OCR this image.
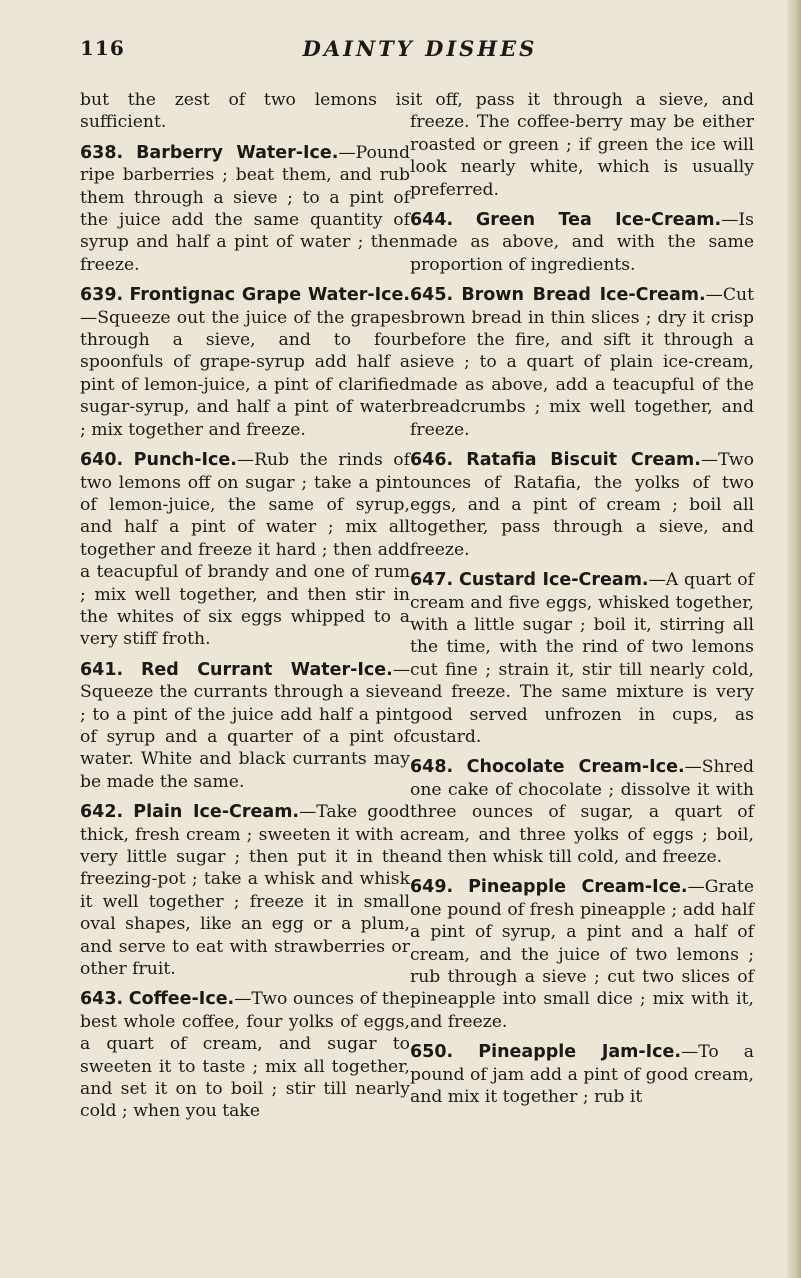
116	DAINTY DISHES

but the zest of two lemons is sufficient.

638. Barberry Water-Ice.—Pound ripe barberries ; beat them, and rub them through a sieve ; to a pint of the juice add the same quantity of syrup and half a pint of water ; then freeze.

639. Frontignac Grape Water-Ice.—Squeeze out the juice of the grapes through a sieve, and to four spoonfuls of grape-syrup add half a pint of lemon-juice, a pint of clarified sugar-syrup, and half a pint of water ; mix together and freeze.

640. Punch-Ice.—Rub the rinds of two lemons off on sugar ; take a pint of lemon-juice, the same of syrup, and half a pint of water ; mix all together and freeze it hard ; then add a teacupful of brandy and one of rum ; mix well together, and then stir in the whites of six eggs whipped to a very stiff froth.

641. Red Currant Water-Ice.—Squeeze the currants through a sieve ; to a pint of the juice add half a pint of syrup and a quarter of a pint of water. White and black currants may be made the same.

642. Plain Ice-Cream.—Take good thick, fresh cream ; sweeten it with a very little sugar ; then put it in the freezing-pot ; take a whisk and whisk it well together ; freeze it in small oval shapes, like an egg or a plum, and serve to eat with strawberries or other fruit.

643. Coffee-Ice.—Two ounces of the best whole coffee, four yolks of eggs, a quart of cream, and sugar to sweeten it to taste ; mix all together, and set it on to boil ; stir till nearly cold ; when you take

it off, pass it through a sieve, and freeze. The coffee-berry may be either roasted or green ; if green the ice will look nearly white, which is usually preferred.

644. Green Tea Ice-Cream.—Is made as above, and with the same proportion of ingredients.

645. Brown Bread Ice-Cream.—Cut brown bread in thin slices ; dry it crisp before the fire, and sift it through a sieve ; to a quart of plain ice-cream, made as above, add a teacupful of the breadcrumbs ; mix well together, and freeze.

646. Ratafia Biscuit Cream.—Two ounces of Ratafia, the yolks of two eggs, and a pint of cream ; boil all together, pass through a sieve, and freeze.

647. Custard Ice-Cream.—A quart of cream and five eggs, whisked together, with a little sugar ; boil it, stirring all the time, with the rind of two lemons cut fine ; strain it, stir till nearly cold, and freeze. The same mixture is very good served unfrozen in cups, as custard.

648. Chocolate Cream-Ice.—Shred one cake of chocolate ; dissolve it with three ounces of sugar, a quart of cream, and three yolks of eggs ; boil, and then whisk till cold, and freeze.

649. Pineapple Cream-Ice.—Grate one pound of fresh pineapple ; add half a pint of syrup, a pint and a half of cream, and the juice of two lemons ; rub through a sieve ; cut two slices of pineapple into small dice ; mix with it, and freeze.

650. Pineapple Jam-Ice.—To a pound of jam add a pint of good cream, and mix it together ; rub it
